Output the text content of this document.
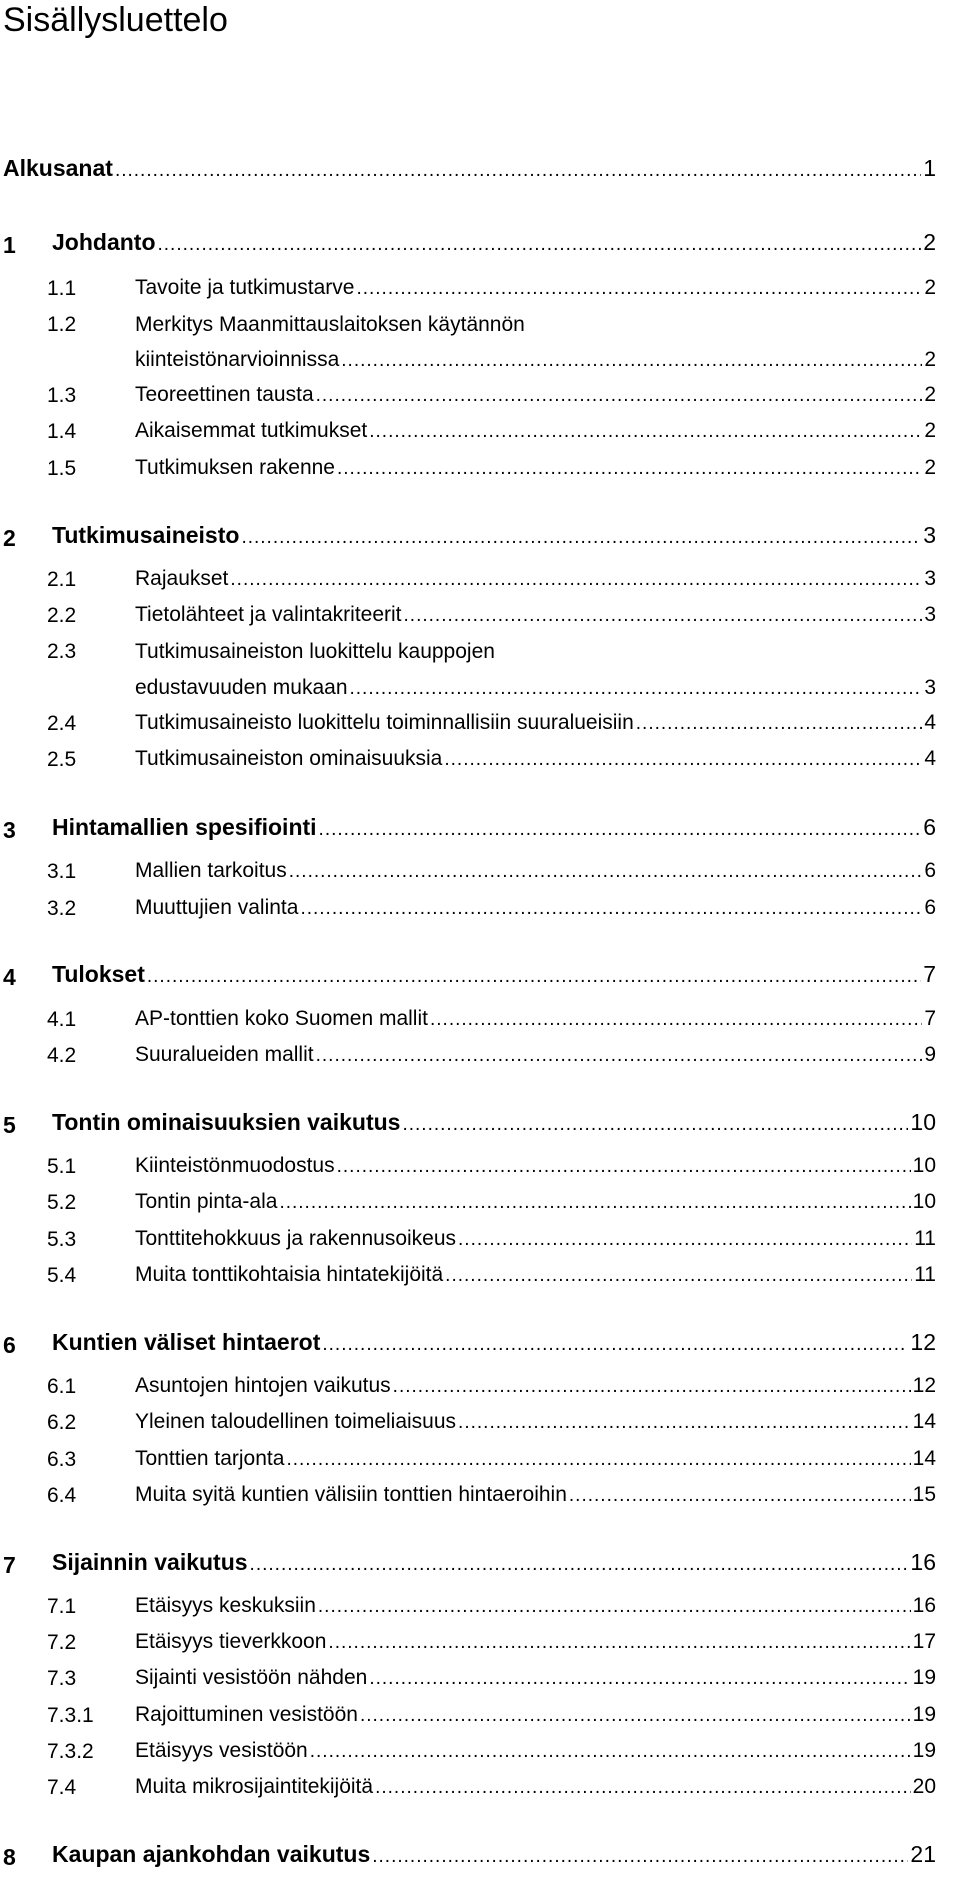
Sisällysluettelo
Alkusanat .....	1
1 Johdanto .....	2
1.1	Tavoite ja tutkimustarve .....	2
1.2	Merkitys Maanmittauslaitoksen käytännön
kiinteistönarvioinnissa .....	2
1.3	Teoreettinen tausta .....	2
1.4	Aikaisemmat tutkimukset .....	2
1.5	Tutkimuksen rakenne .....	2
2 Tutkimusaineisto .....	3
2.1	Rajaukset .....	3
2.2	Tietolähteet ja valintakriteerit .....	3
2.3	Tutkimusaineiston luokittelu kauppojen
edustavuuden mukaan .....	3
2.4	Tutkimusaineisto luokittelu toiminnallisiin suuralueisiin .....	4
2.5	Tutkimusaineiston ominaisuuksia .....	4
3 Hintamallien spesifiointi .....	6
3.1	Mallien tarkoitus .....	6
3.2	Muuttujien valinta .....	6
4 Tulokset .....	7
4.1	AP-tonttien koko Suomen mallit .....	7
4.2	Suuralueiden mallit .....	9
5 Tontin ominaisuuksien vaikutus .....	10
5.1	Kiinteistönmuodostus .....	10
5.2	Tontin pinta-ala .....	10
5.3	Tonttitehokkuus ja rakennusoikeus .....	11
5.4	Muita tonttikohtaisia hintatekijöitä .....	11
6 Kuntien väliset hintaerot .....	12
6.1	Asuntojen hintojen vaikutus .....	12
6.2	Yleinen taloudellinen toimeliaisuus .....	14
6.3	Tonttien tarjonta .....	14
6.4	Muita syitä kuntien välisiin tonttien hintaeroihin .....	15
7 Sijainnin vaikutus .....	16
7.1	Etäisyys keskuksiin .....	16
7.2	Etäisyys tieverkkoon .....	17
7.3	Sijainti vesistöön nähden .....	19
7.3.1 Rajoittuminen vesistöön .....	19
7.3.2 Etäisyys vesistöön .....	19
7.4	Muita mikrosijaintitekijöitä .....	20
8 Kaupan ajankohdan vaikutus .....	21
